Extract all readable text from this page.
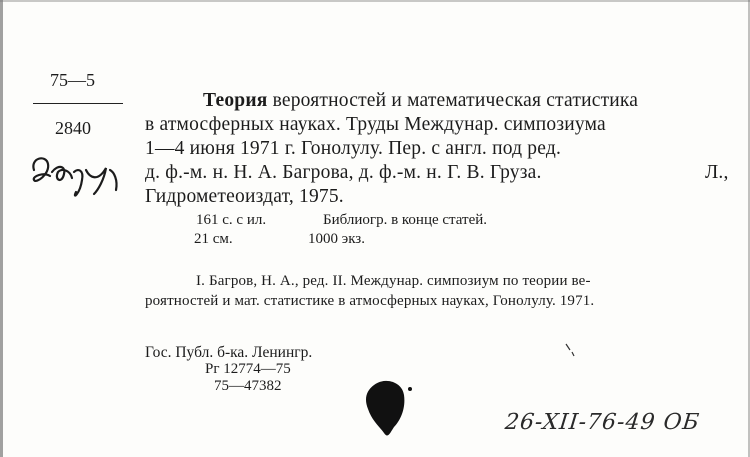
75—5
2840
Теория вероятностей и математическая статистика
в атмосферных науках. Труды Междунар. симпозиума
1—4 июня 1971 г. Гонолулу. Пер. с англ. под ред.
д. ф.-м. н. Н. А. Багрова, д. ф.-м. н. Г. В. Груза.	Л.,
Гидрометеоиздат, 1975.
161 с. с ил.	Библиогр. в конце статей.
21 см.	1000 экз.
I. Багров, Н. А., ред. II. Междунар. симпозиум по теории ве-
роятностей и мат. статистике в атмосферных науках, Гонолулу. 1971.
Гос. Публ. б-ка. Ленингр.
Рг 12774—75
75—47382
26-XII-76-49 ОБ
